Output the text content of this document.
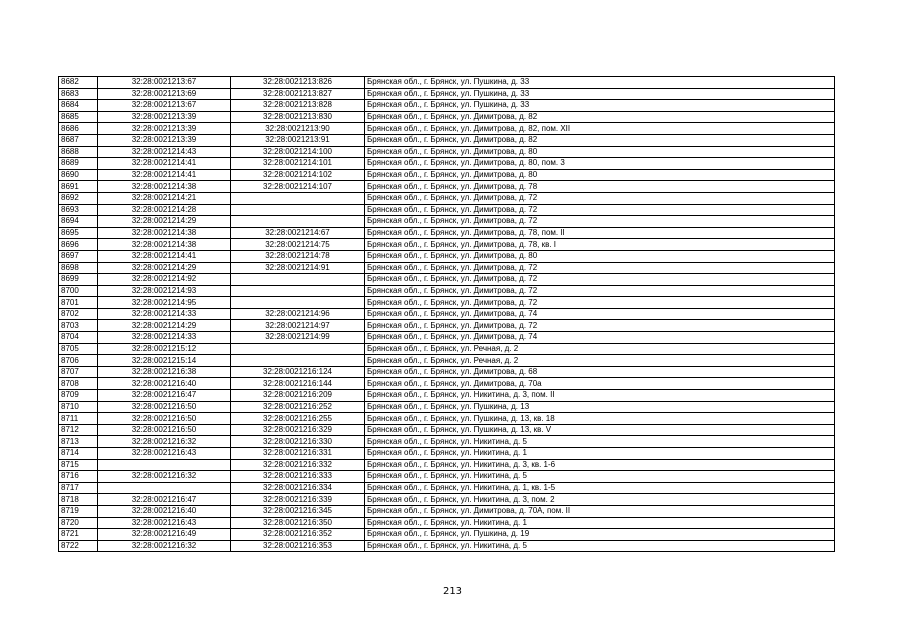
8682	32:28:0021213:67	32:28:0021213:826	Брянская обл., г. Брянск, ул. Пушкина, д. 33
8683	32:28:0021213:69	32:28:0021213:827	Брянская обл., г. Брянск, ул. Пушкина, д. 33
8684	32:28:0021213:67	32:28:0021213:828	Брянская обл., г. Брянск, ул. Пушкина, д. 33
8685	32:28:0021213:39	32:28:0021213:830	Брянская обл., г. Брянск, ул. Димитрова, д. 82
8686	32:28:0021213:39	32:28:0021213:90	Брянская обл., г. Брянск, ул. Димитрова, д. 82, пом. XII
8687	32:28:0021213:39	32:28:0021213:91	Брянская обл., г. Брянск, ул. Димитрова, д. 82
8688	32:28:0021214:43	32:28:0021214:100	Брянская обл., г. Брянск, ул. Димитрова, д. 80
8689	32:28:0021214:41	32:28:0021214:101	Брянская обл., г. Брянск, ул. Димитрова, д. 80, пом. 3
8690	32:28:0021214:41	32:28:0021214:102	Брянская обл., г. Брянск, ул. Димитрова, д. 80
8691	32:28:0021214:38	32:28:0021214:107	Брянская обл., г. Брянск, ул. Димитрова, д. 78
8692	32:28:0021214:21		Брянская обл., г. Брянск, ул. Димитрова, д. 72
8693	32:28:0021214:28		Брянская обл., г. Брянск, ул. Димитрова, д. 72
8694	32:28:0021214:29		Брянская обл., г. Брянск, ул. Димитрова, д. 72
8695	32:28:0021214:38	32:28:0021214:67	Брянская обл., г. Брянск, ул. Димитрова, д. 78, пом. II
8696	32:28:0021214:38	32:28:0021214:75	Брянская обл., г. Брянск, ул. Димитрова, д. 78, кв. I
8697	32:28:0021214:41	32:28:0021214:78	Брянская обл., г. Брянск, ул. Димитрова, д. 80
8698	32:28:0021214:29	32:28:0021214:91	Брянская обл., г. Брянск, ул. Димитрова, д. 72
8699	32:28:0021214:92		Брянская обл., г. Брянск, ул. Димитрова, д. 72
8700	32:28:0021214:93		Брянская обл., г. Брянск, ул. Димитрова, д. 72
8701	32:28:0021214:95		Брянская обл., г. Брянск, ул. Димитрова, д. 72
8702	32:28:0021214:33	32:28:0021214:96	Брянская обл., г. Брянск, ул. Димитрова, д. 74
8703	32:28:0021214:29	32:28:0021214:97	Брянская обл., г. Брянск, ул. Димитрова, д. 72
8704	32:28:0021214:33	32:28:0021214:99	Брянская обл., г. Брянск, ул. Димитрова, д. 74
8705	32:28:0021215:12		Брянская обл., г. Брянск, ул. Речная, д. 2
8706	32:28:0021215:14		Брянская обл., г. Брянск, ул. Речная, д. 2
8707	32:28:0021216:38	32:28:0021216:124	Брянская обл., г. Брянск, ул. Димитрова, д. 68
8708	32:28:0021216:40	32:28:0021216:144	Брянская обл., г. Брянск, ул. Димитрова, д. 70а
8709	32:28:0021216:47	32:28:0021216:209	Брянская обл., г. Брянск, ул. Никитина, д. 3, пом. II
8710	32:28:0021216:50	32:28:0021216:252	Брянская обл., г. Брянск, ул. Пушкина, д. 13
8711	32:28:0021216:50	32:28:0021216:255	Брянская обл., г. Брянск, ул. Пушкина, д. 13, кв. 18
8712	32:28:0021216:50	32:28:0021216:329	Брянская обл., г. Брянск, ул. Пушкина, д. 13, кв. V
8713	32:28:0021216:32	32:28:0021216:330	Брянская обл., г. Брянск, ул. Никитина, д. 5
8714	32:28:0021216:43	32:28:0021216:331	Брянская обл., г. Брянск, ул. Никитина, д. 1
8715		32:28:0021216:332	Брянская обл., г. Брянск, ул. Никитина, д. 3, кв. 1-6
8716	32:28:0021216:32	32:28:0021216:333	Брянская обл., г. Брянск, ул. Никитина, д. 5
8717		32:28:0021216:334	Брянская обл., г. Брянск, ул. Никитина, д. 1, кв. 1-5
8718	32:28:0021216:47	32:28:0021216:339	Брянская обл., г. Брянск, ул. Никитина, д. 3, пом. 2
8719	32:28:0021216:40	32:28:0021216:345	Брянская обл., г. Брянск, ул. Димитрова, д. 70А, пом. II
8720	32:28:0021216:43	32:28:0021216:350	Брянская обл., г. Брянск, ул. Никитина, д. 1
8721	32:28:0021216:49	32:28:0021216:352	Брянская обл., г. Брянск, ул. Пушкина, д. 19
8722	32:28:0021216:32	32:28:0021216:353	Брянская обл., г. Брянск, ул. Никитина, д. 5
213
